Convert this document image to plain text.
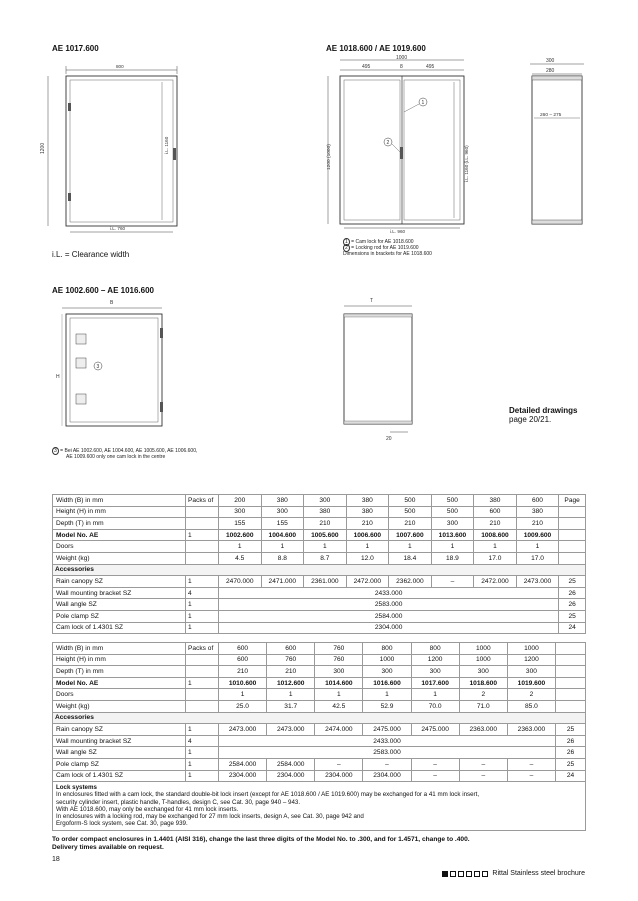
AE 1017.600	AE 1018.600 / AE 1019.600
AE 1002.600 – AE 1016.600
800
1200	i.L. 1160
i.L. 760
1000
495	8	495
1200 (1000)	i.L. 1160 (i.L. 960)
1
2
i.L. 960
300
280
260 – 275
i.L. = Clearance width
1 = Cam lock for AE 1018.600
2 = Locking rod for AE 1019.600
Dimensions in brackets for AE 1018.600
B
H
3
T
20
3 = Bei AE 1002.600, AE 1004.600, AE 1005.600, AE 1006.600,
AE 1009.600 only one cam lock in the centre
Detailed drawings
page 20/21.
Width (B) in mm	Packs of	200	380	300	380	500	500	380	600	Page
Height (H) in mm		300	300	380	380	500	500	600	380	
Depth (T) in mm		155	155	210	210	210	300	210	210	
Model No. AE	1	1002.600	1004.600	1005.600	1006.600	1007.600	1013.600	1008.600	1009.600	
Doors		1	1	1	1	1	1	1	1	
Weight (kg)		4.5	8.8	8.7	12.0	18.4	18.9	17.0	17.0	
Accessories										
Rain canopy SZ	1	2470.000	2471.000	2361.000	2472.000	2362.000	–	2472.000	2473.000	25
Wall mounting bracket SZ	4	2433.000								26
Wall angle SZ	1	2583.000								26
Pole clamp SZ	1	2584.000								25
Cam lock of 1.4301 SZ	1	2304.000								24
Width (B) in mm	Packs of	600	600	760	800	800	1000	1000	
Height (H) in mm		600	760	760	1000	1200	1000	1200	
Depth (T) in mm		210	210	300	300	300	300	300	
Model No. AE	1	1010.600	1012.600	1014.600	1016.600	1017.600	1018.600	1019.600	
Doors		1	1	1	1	1	2	2	
Weight (kg)		25.0	31.7	42.5	52.9	70.0	71.0	85.0	
Accessories									
Rain canopy SZ	1	2473.000	2473.000	2474.000	2475.000	2475.000	2363.000	2363.000	25
Wall mounting bracket SZ	4	2433.000							26
Wall angle SZ	1	2583.000							26
Pole clamp SZ	1	2584.000	2584.000	–	–	–	–	–	25
Cam lock of 1.4301 SZ	1	2304.000	2304.000	2304.000	2304.000	–	–	–	24
Lock systems
In enclosures fitted with a cam lock, the standard double-bit lock insert (except for AE 1018.600 / AE 1019.600) may be exchanged for a 41 mm lock insert,
security cylinder insert, plastic handle, T-handles, design C, see Cat. 30, page 940 – 943.
With AE 1018.600, may only be exchanged for 41 mm lock inserts.
In enclosures with a locking rod, may be exchanged for 27 mm lock inserts, design A, see Cat. 30, page 942 and
Ergoform-S lock system, see Cat. 30, page 939.
To order compact enclosures in 1.4401 (AISI 316), change the last three digits of the Model No. to .300, and for 1.4571, change to .400.
Delivery times available on request.
18
Rittal Stainless steel brochure
